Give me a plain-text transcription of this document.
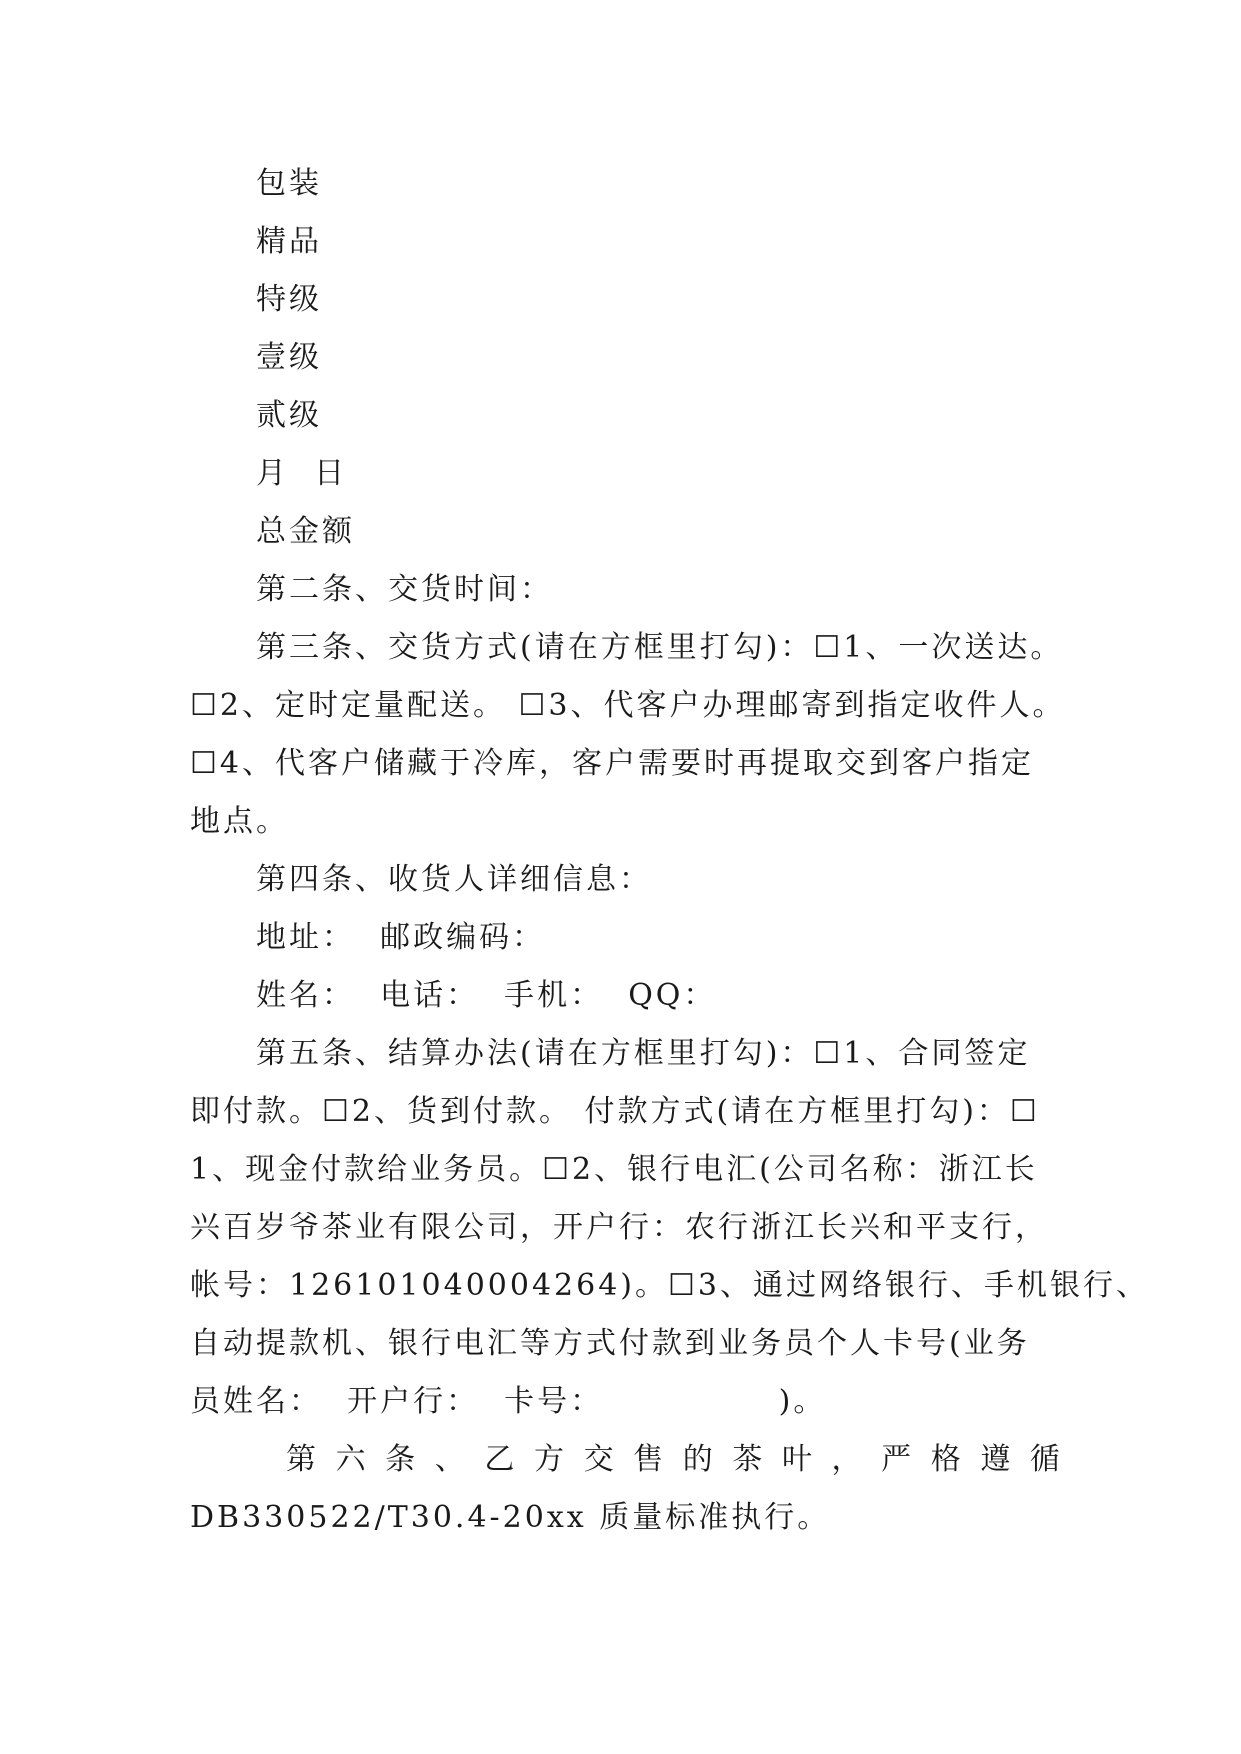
包装

精品

特级

壹级

贰级

月  日

总金额

第二条、交货时间：

第三条、交货方式(请在方框里打勾)：☐1、一次送达。

☐2、定时定量配送。 ☐3、代客户办理邮寄到指定收件人。

☐4、代客户储藏于冷库，客户需要时再提取交到客户指定

地点。

第四条、收货人详细信息：

地址：  邮政编码：

姓名：  电话：  手机：  QQ：

第五条、结算办法(请在方框里打勾)：☐1、合同签定

即付款。☐2、货到付款。 付款方式(请在方框里打勾)：☐

1、现金付款给业务员。☐2、银行电汇(公司名称：浙江长

兴百岁爷茶业有限公司，开户行：农行浙江长兴和平支行，

帐号：126101040004264)。☐3、通过网络银行、手机银行、

自动提款机、银行电汇等方式付款到业务员个人卡号(业务

员姓名：  开户行：  卡号：              )。

第 六 条 、 乙 方 交 售 的 茶 叶 ， 严 格 遵 循
DB330522/T30.4-20xx 质量标准执行。
